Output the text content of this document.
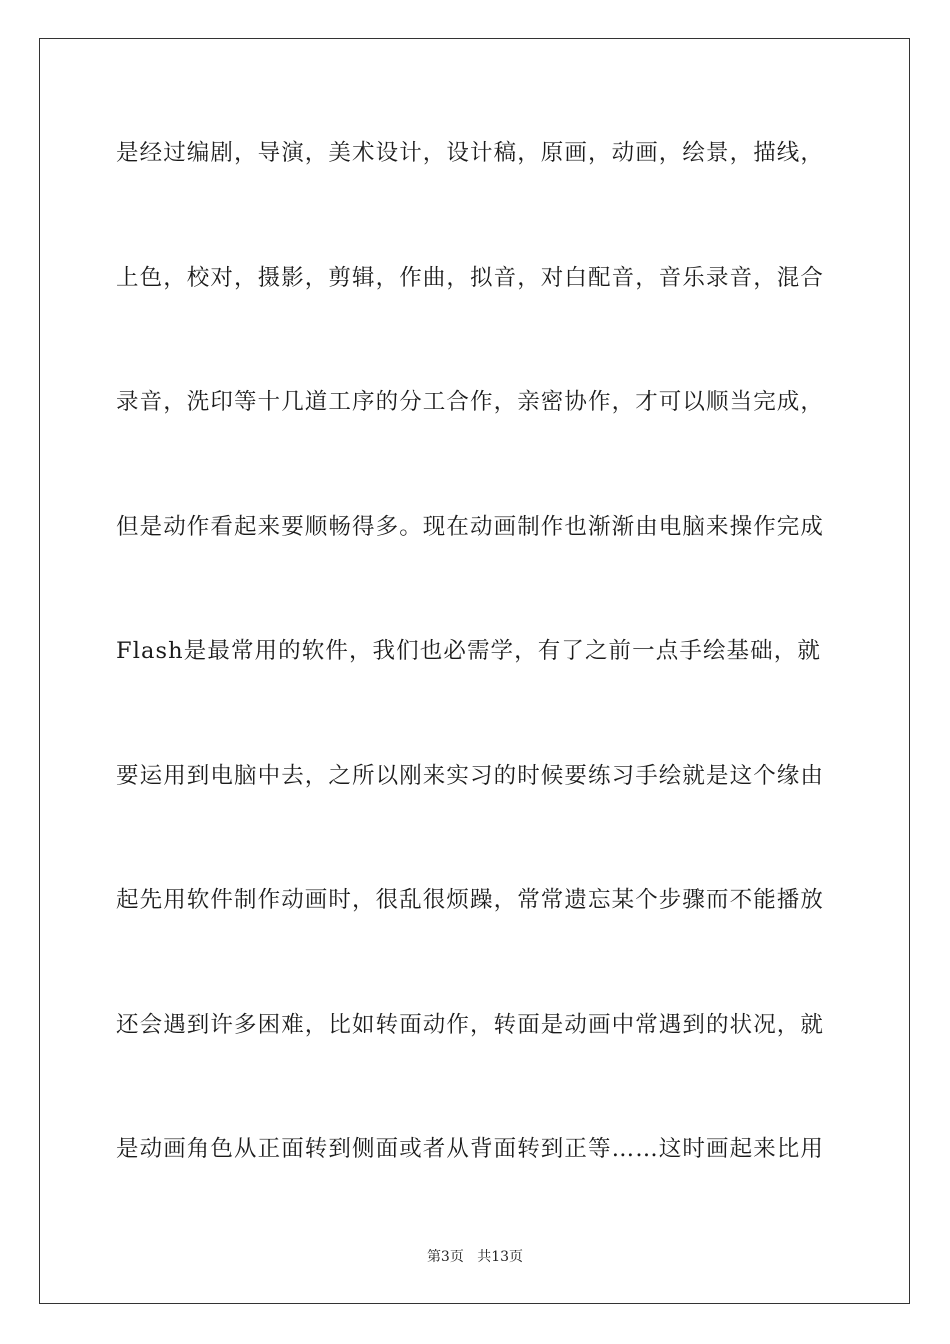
是经过编剧，导演，美术设计，设计稿，原画，动画，绘景，描线，
上色，校对，摄影，剪辑，作曲，拟音，对白配音，音乐录音，混合
录音，洗印等十几道工序的分工合作，亲密协作，才可以顺当完成，
但是动作看起来要顺畅得多。现在动画制作也渐渐由电脑来操作完成
Flash是最常用的软件，我们也必需学，有了之前一点手绘基础，就
要运用到电脑中去，之所以刚来实习的时候要练习手绘就是这个缘由
起先用软件制作动画时，很乱很烦躁，常常遗忘某个步骤而不能播放
还会遇到许多困难，比如转面动作，转面是动画中常遇到的状况，就
是动画角色从正面转到侧面或者从背面转到正等……这时画起来比用
第3页 共13页
